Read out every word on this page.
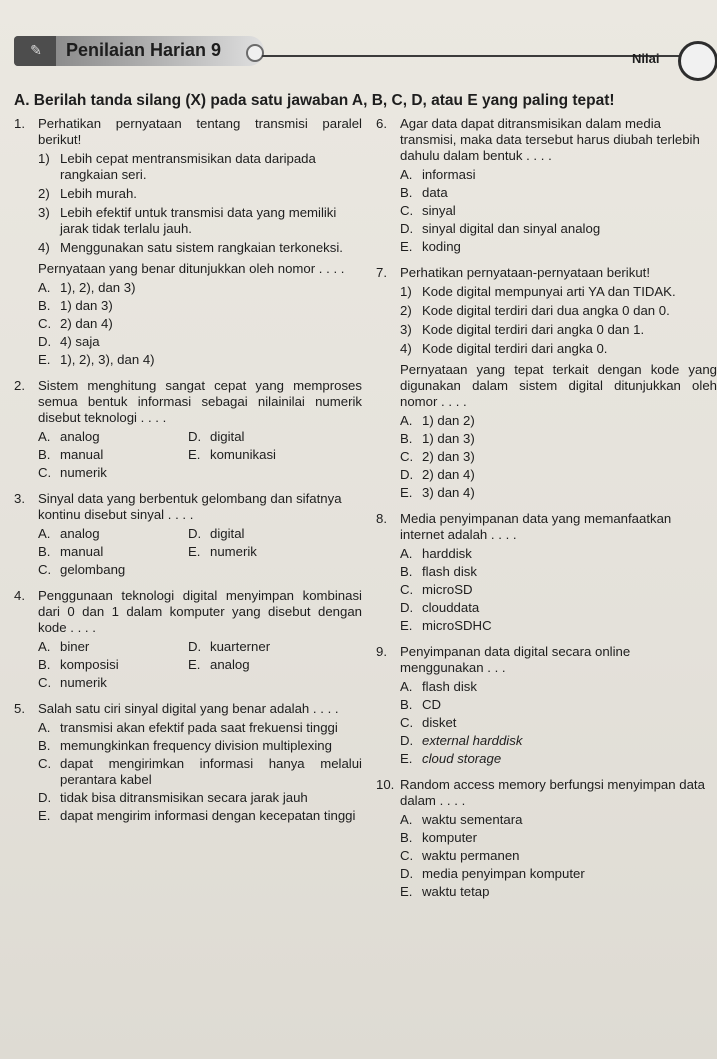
✎ Penilaian Harian 9	Nilai
A. Berilah tanda silang (X) pada satu jawaban A, B, C, D, atau E yang paling tepat!
1. Perhatikan pernyataan tentang transmisi paralel berikut!
1) Lebih cepat mentransmisikan data daripada rangkaian seri.
2) Lebih murah.
3) Lebih efektif untuk transmisi data yang memiliki jarak tidak terlalu jauh.
4) Menggunakan satu sistem rangkaian terkoneksi.
Pernyataan yang benar ditunjukkan oleh nomor . . . .
A. 1), 2), dan 3)
B. 1) dan 3)
C. 2) dan 4)
D. 4) saja
E. 1), 2), 3), dan 4)
2. Sistem menghitung sangat cepat yang memproses semua bentuk informasi sebagai nilainilai numerik disebut teknologi . . . .
A. analog	D. digital
B. manual	E. komunikasi
C. numerik
3. Sinyal data yang berbentuk gelombang dan sifatnya kontinu disebut sinyal . . . .
A. analog	D. digital
B. manual	E. numerik
C. gelombang
4. Penggunaan teknologi digital menyimpan kombinasi dari 0 dan 1 dalam komputer yang disebut dengan kode . . . .
A. biner	D. kuarterner
B. komposisi	E. analog
C. numerik
5. Salah satu ciri sinyal digital yang benar adalah . . . .
A. transmisi akan efektif pada saat frekuensi tinggi
B. memungkinkan frequency division multiplexing
C. dapat mengirimkan informasi hanya melalui perantara kabel
D. tidak bisa ditransmisikan secara jarak jauh
E. dapat mengirim informasi dengan kecepatan tinggi
6. Agar data dapat ditransmisikan dalam media transmisi, maka data tersebut harus diubah terlebih dahulu dalam bentuk . . . .
A. informasi
B. data
C. sinyal
D. sinyal digital dan sinyal analog
E. koding
7. Perhatikan pernyataan-pernyataan berikut!
1) Kode digital mempunyai arti YA dan TIDAK.
2) Kode digital terdiri dari dua angka 0 dan 0.
3) Kode digital terdiri dari angka 0 dan 1.
4) Kode digital terdiri dari angka 0.
Pernyataan yang tepat terkait dengan kode yang digunakan dalam sistem digital ditunjukkan oleh nomor . . . .
A. 1) dan 2)
B. 1) dan 3)
C. 2) dan 3)
D. 2) dan 4)
E. 3) dan 4)
8. Media penyimpanan data yang memanfaatkan internet adalah . . . .
A. harddisk
B. flash disk
C. microSD
D. clouddata
E. microSDHC
9. Penyimpanan data digital secara online menggunakan . . .
A. flash disk
B. CD
C. disket
D. external harddisk
E. cloud storage
10. Random access memory berfungsi menyimpan data dalam . . . .
A. waktu sementara
B. komputer
C. waktu permanen
D. media penyimpan komputer
E. waktu tetap
